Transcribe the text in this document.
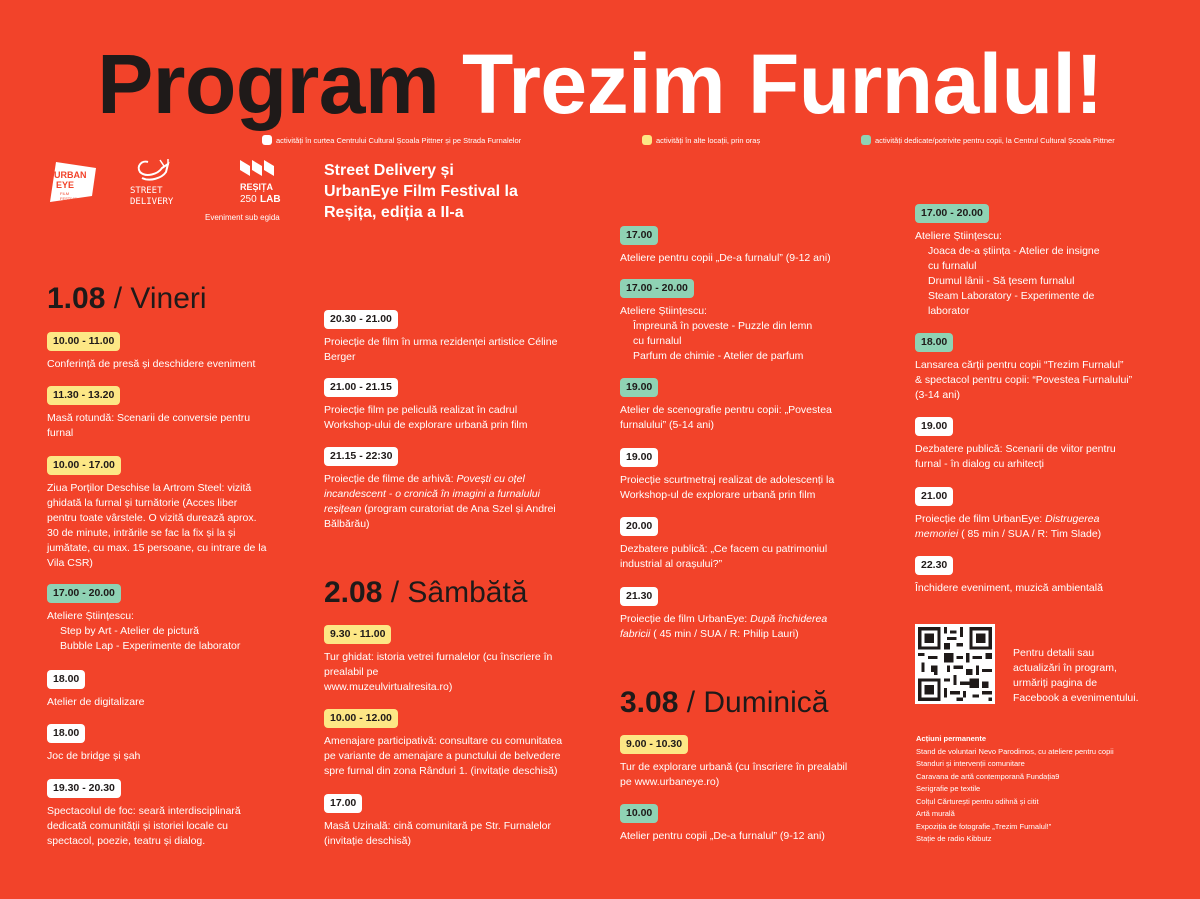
Program Trezim Furnalul!
activități în curtea Centrului Cultural Școala Pittner și pe Strada Furnalelor	activități în alte locații, prin oraș	activități dedicate/potrivite pentru copii, la Centrul Cultural Școala Pittner
URBAN
EYE
FILM
FESTIVAL
STREET
DELIVERY
REȘIȚA
250 LAB
Eveniment sub egida
Street Delivery și
UrbanEye Film Festival la
Reșița, ediția a II-a
1.08 / Vineri
2.08 / Sâmbătă
3.08 / Duminică
10.00 - 11.00
Conferință de presă și deschidere eveniment
11.30 - 13.20
Masă rotundă: Scenarii de conversie pentru
furnal
10.00 - 17.00
Ziua Porților Deschise la Artrom Steel: vizită
ghidată la furnal și turnătorie (Acces liber
pentru toate vârstele. O vizită durează aprox.
30 de minute, intrările se fac la fix și la și
jumătate, cu max. 15 persoane, cu intrare de la
Vila CSR)
17.00 - 20.00
Ateliere Științescu:
Step by Art - Atelier de pictură
Bubble Lap - Experimente de laborator
18.00
Atelier de digitalizare
18.00
Joc de bridge și șah
19.30 - 20.30
Spectacolul de foc: seară interdisciplinară
dedicată comunității și istoriei locale cu
spectacol, poezie, teatru și dialog.
20.30 - 21.00
Proiecție de film în urma rezidenței artistice Céline
Berger
21.00 - 21.15
Proiecție film pe peliculă realizat în cadrul
Workshop-ului de explorare urbană prin film
21.15 - 22:30
Proiecție de filme de arhivă: Povești cu oțel
incandescent - o cronică în imagini a furnalului
reșițean (program curatoriat de Ana Szel și Andrei
Bălbărău)
9.30 - 11.00
Tur ghidat: istoria vetrei furnalelor (cu înscriere în
prealabil pe
www.muzeulvirtualresita.ro)
10.00 - 12.00
Amenajare participativă: consultare cu comunitatea
pe variante de amenajare a punctului de belvedere
spre furnal din zona Rânduri 1. (invitație deschisă)
17.00
Masă Uzinală: cină comunitară pe Str. Furnalelor
(invitație deschisă)
17.00
Ateliere pentru copii „De-a furnalul” (9-12 ani)
17.00 - 20.00
Ateliere Științescu:
Împreună în poveste - Puzzle din lemn
cu furnalul
Parfum de chimie - Atelier de parfum
19.00
Atelier de scenografie pentru copii: „Povestea
furnalului” (5-14 ani)
19.00
Proiecție scurtmetraj realizat de adolescenți la
Workshop-ul de explorare urbană prin film
20.00
Dezbatere publică: „Ce facem cu patrimoniul
industrial al orașului?”
21.30
Proiecție de film UrbanEye: După închiderea
fabricii ( 45 min / SUA / R: Philip Lauri)
9.00 - 10.30
Tur de explorare urbană (cu înscriere în prealabil
pe www.urbaneye.ro)
10.00
Atelier pentru copii „De-a furnalul” (9-12 ani)
17.00 - 20.00
Ateliere Științescu:
Joaca de-a știința - Atelier de insigne
cu furnalul
Drumul lânii - Să țesem furnalul
Steam Laboratory - Experimente de
laborator
18.00
Lansarea cărții pentru copii “Trezim Furnalul”
& spectacol pentru copii: “Povestea Furnalului”
(3-14 ani)
19.00
Dezbatere publică: Scenarii de viitor pentru
furnal - în dialog cu arhitecți
21.00
Proiecție de film UrbanEye: Distrugerea
memoriei ( 85 min / SUA / R: Tim Slade)
22.30
Închidere eveniment, muzică ambientală
Pentru detalii sau
actualizări în program,
urmăriți pagina de
Facebook a evenimentului.
Acțiuni permanente
Stand de voluntari Nevo Parodimos, cu ateliere pentru copii
Standuri și intervenții comunitare
Caravana de artă contemporană Fundația9
Serigrafie pe textile
Colțul Cărturești pentru odihnă și citit
Artă murală
Expoziția de fotografie „Trezim Furnalul!”
Stație de radio Kibbutz
